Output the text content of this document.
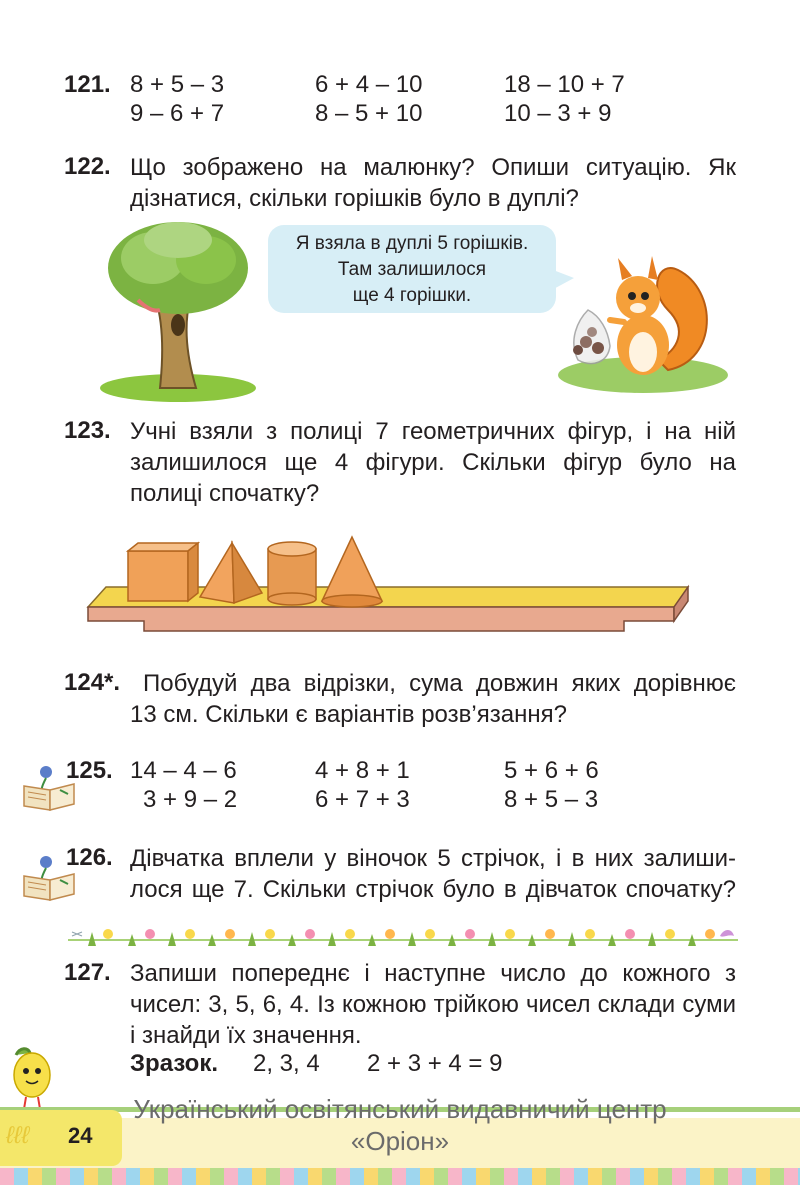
121. 8 + 5 – 3	6 + 4 – 10	18 – 10 + 7
9 – 6 + 7	8 – 5 + 10	10 – 3 + 9
122. Що зображено на малюнку? Опиши ситуацію. Як
дізнатися, скільки горішків було в дуплі?
Я взяла в дуплі 5 горішків.
Там залишилося
ще 4 горішки.
123. Учні взяли з полиці 7 геометричних фігур, і на ній
залишилося ще 4 фігури. Скільки фігур було на
полиці спочатку?
124*. Побудуй два відрізки, сума довжин яких дорівнює
13 см. Скільки є варіантів розв’язання?
125. 14 – 4 – 6	4 + 8 + 1	5 + 6 + 6
3 + 9 – 2	6 + 7 + 3	8 + 5 – 3
126. Дівчатка вплели у віночок 5 стрічок, і в них залиши-
лося ще 7. Скільки стрічок було в дівчаток спочатку?
127. Запиши попереднє і наступне число до кожного з
чисел: 3, 5, 6, 4. Із кожною трійкою чисел склади суми
і знайди їх значення.
Зразок. 2, 3, 4 2 + 3 + 4 = 9
24
ℓℓℓ
Український освітянський видавничий центр
«Оріон»
